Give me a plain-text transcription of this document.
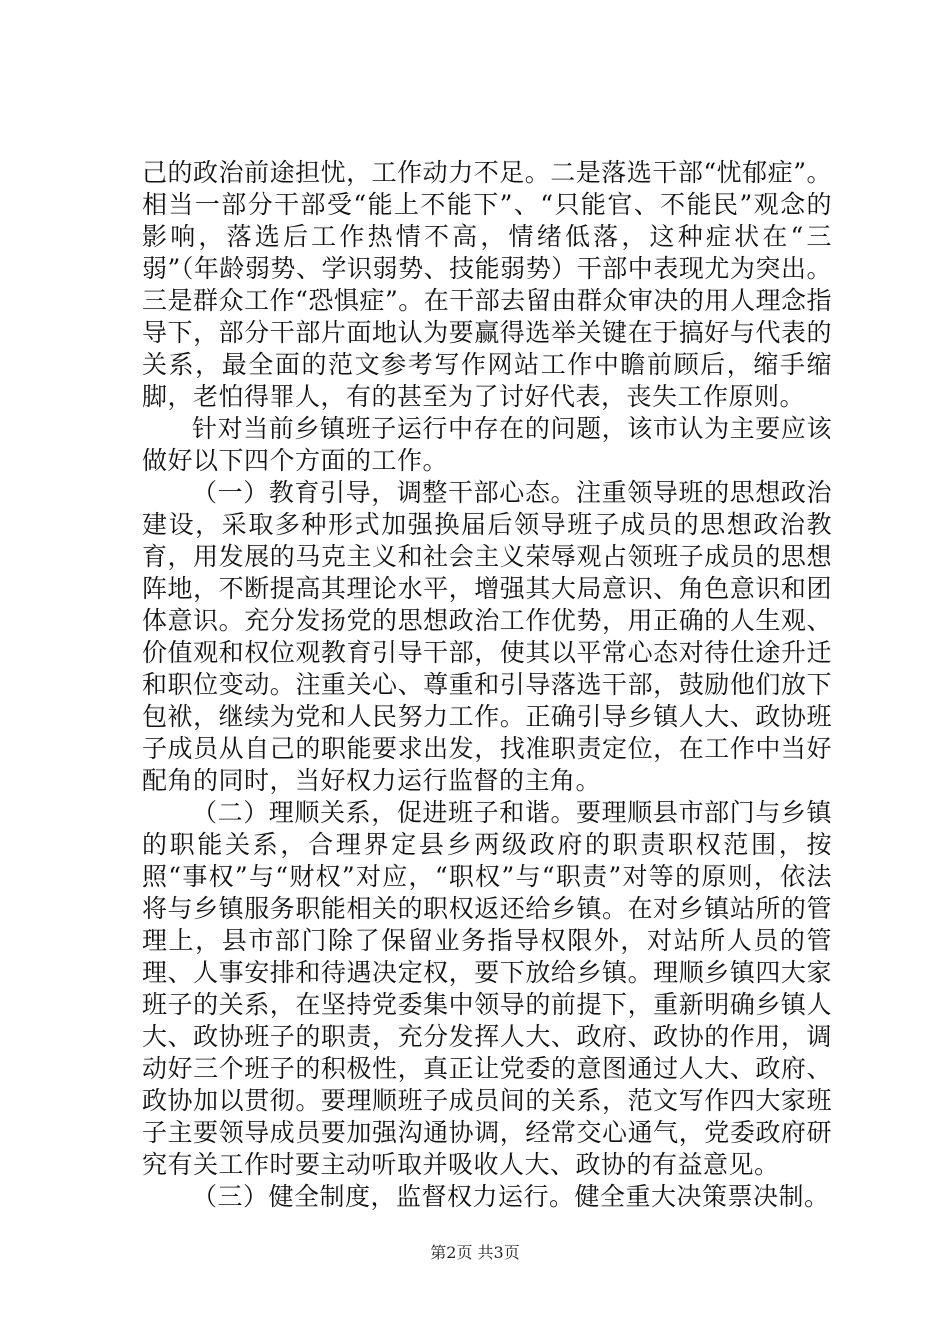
己的政治前途担忧，工作动力不足。二是落选干部“忧郁症”。相当一部分干部受“能上不能下”、“只能官、不能民”观念的影响，落选后工作热情不高，情绪低落，这种症状在“三弱”（年龄弱势、学识弱势、技能弱势）干部中表现尤为突出。三是群众工作“恐惧症”。在干部去留由群众审决的用人理念指导下，部分干部片面地认为要赢得选举关键在于搞好与代表的关系，最全面的范文参考写作网站工作中瞻前顾后，缩手缩脚，老怕得罪人，有的甚至为了讨好代表，丧失工作原则。

针对当前乡镇班子运行中存在的问题，该市认为主要应该做好以下四个方面的工作。

（一）教育引导，调整干部心态。注重领导班的思想政治建设，采取多种形式加强换届后领导班子成员的思想政治教育，用发展的马克主义和社会主义荣辱观占领班子成员的思想阵地，不断提高其理论水平，增强其大局意识、角色意识和团体意识。充分发扬党的思想政治工作优势，用正确的人生观、价值观和权位观教育引导干部，使其以平常心态对待仕途升迁和职位变动。注重关心、尊重和引导落选干部，鼓励他们放下包袱，继续为党和人民努力工作。正确引导乡镇人大、政协班子成员从自己的职能要求出发，找准职责定位，在工作中当好配角的同时，当好权力运行监督的主角。

（二）理顺关系，促进班子和谐。要理顺县市部门与乡镇的职能关系，合理界定县乡两级政府的职责职权范围，按照“事权”与“财权”对应，“职权”与“职责”对等的原则，依法将与乡镇服务职能相关的职权返还给乡镇。在对乡镇站所的管理上，县市部门除了保留业务指导权限外，对站所人员的管理、人事安排和待遇决定权，要下放给乡镇。理顺乡镇四大家班子的关系，在坚持党委集中领导的前提下，重新明确乡镇人大、政协班子的职责，充分发挥人大、政府、政协的作用，调动好三个班子的积极性，真正让党委的意图通过人大、政府、政协加以贯彻。要理顺班子成员间的关系，范文写作四大家班子主要领导成员要加强沟通协调，经常交心通气，党委政府研究有关工作时要主动听取并吸收人大、政协的有益意见。

（三）健全制度，监督权力运行。健全重大决策票决制。

第2页 共3页
